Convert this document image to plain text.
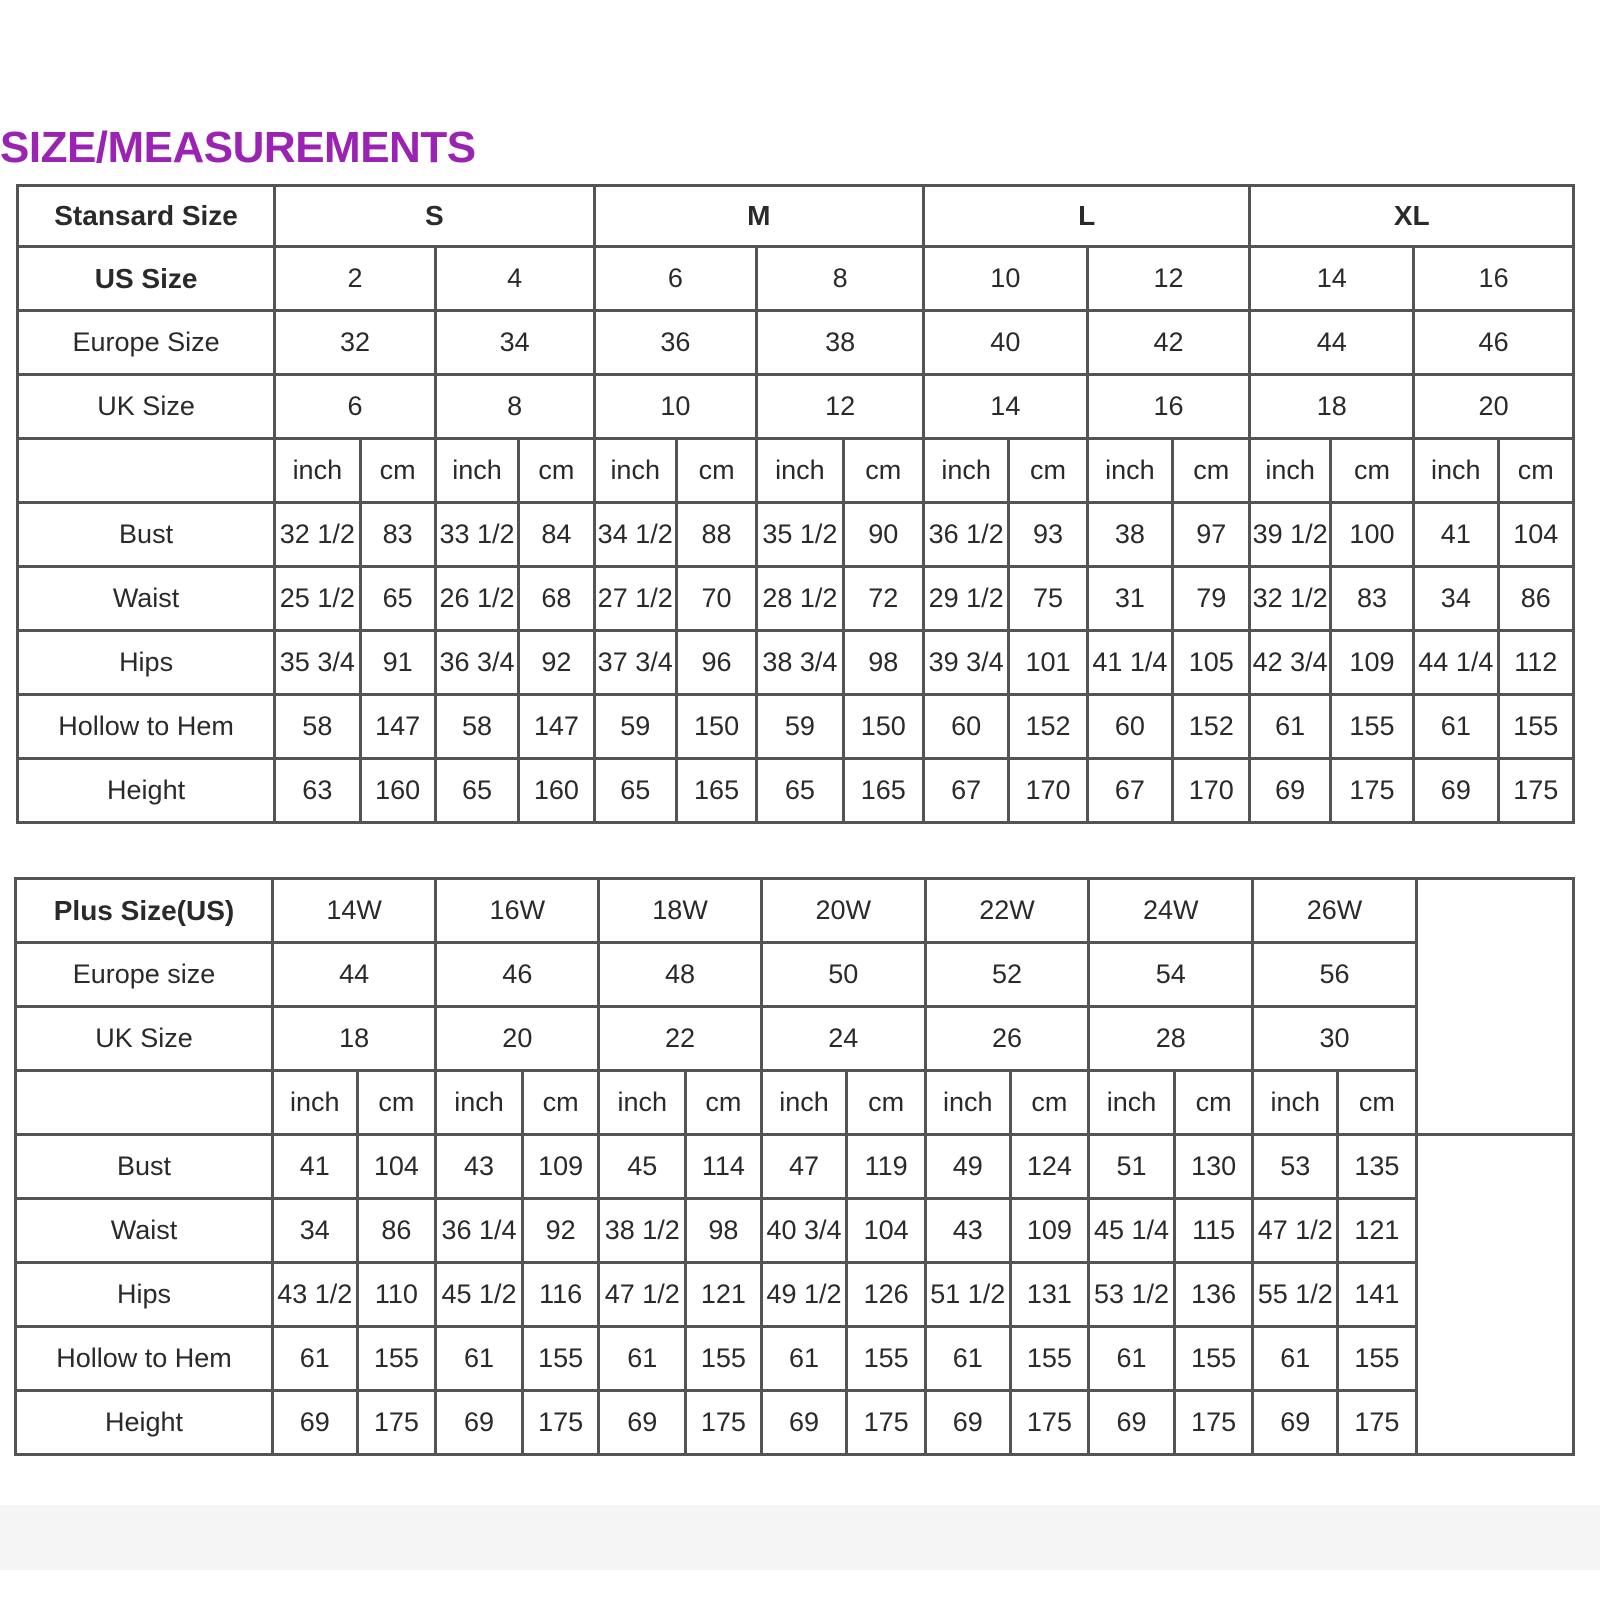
SIZE/MEASUREMENTS
Stansard Size	S				M				L				XL			
US Size	2		4		6		8		10		12		14		16	
Europe Size	32		34		36		38		40		42		44		46	
UK Size	6		8		10		12		14		16		18		20	
	inch	cm	inch	cm	inch	cm	inch	cm	inch	cm	inch	cm	inch	cm	inch	cm
Bust	32 1/2	83	33 1/2	84	34 1/2	88	35 1/2	90	36 1/2	93	38	97	39 1/2	100	41	104
Waist	25 1/2	65	26 1/2	68	27 1/2	70	28 1/2	72	29 1/2	75	31	79	32 1/2	83	34	86
Hips	35 3/4	91	36 3/4	92	37 3/4	96	38 3/4	98	39 3/4	101	41 1/4	105	42 3/4	109	44 1/4	112
Hollow to Hem	58	147	58	147	59	150	59	150	60	152	60	152	61	155	61	155
Height	63	160	65	160	65	165	65	165	67	170	67	170	69	175	69	175
Plus Size(US)	14W		16W		18W		20W		22W		24W		26W		
Europe size	44		46		48		50		52		54		56		
UK Size	18		20		22		24		26		28		30		
	inch	cm	inch	cm	inch	cm	inch	cm	inch	cm	inch	cm	inch	cm	
Bust	41	104	43	109	45	114	47	119	49	124	51	130	53	135	
Waist	34	86	36 1/4	92	38 1/2	98	40 3/4	104	43	109	45 1/4	115	47 1/2	121	
Hips	43 1/2	110	45 1/2	116	47 1/2	121	49 1/2	126	51 1/2	131	53 1/2	136	55 1/2	141	
Hollow to Hem	61	155	61	155	61	155	61	155	61	155	61	155	61	155	
Height	69	175	69	175	69	175	69	175	69	175	69	175	69	175	
